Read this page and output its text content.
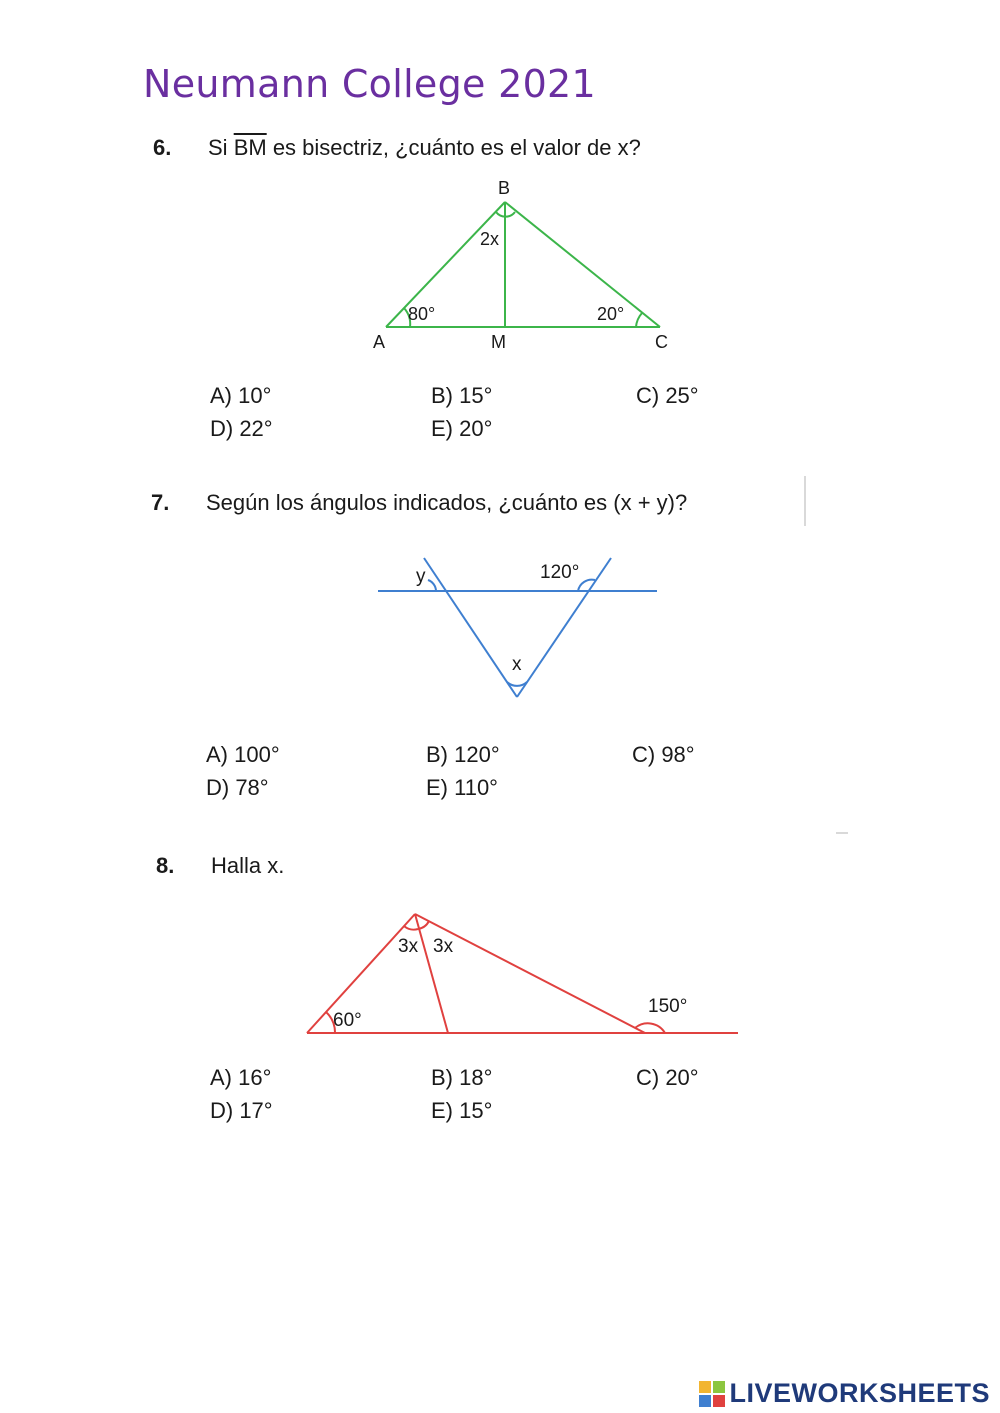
Neumann College 2021
6. Si $\overline{BM}$ es bisectriz, ¿cuánto es el valor de x?
B
A	M	C
2x
80°	20°
A) 10°	B) 15°	C) 25°
D) 22°	E) 20°
7. Según los ángulos indicados, ¿cuánto es (x + y)?
y	120°
x
A) 100°	B) 120°	C) 98°
D) 78°	E) 110°
8. Halla x.
3x 3x
60°
150°
A) 16°	B) 18°	C) 20°
D) 17°	E) 15°
LIVEWORKSHEETS
